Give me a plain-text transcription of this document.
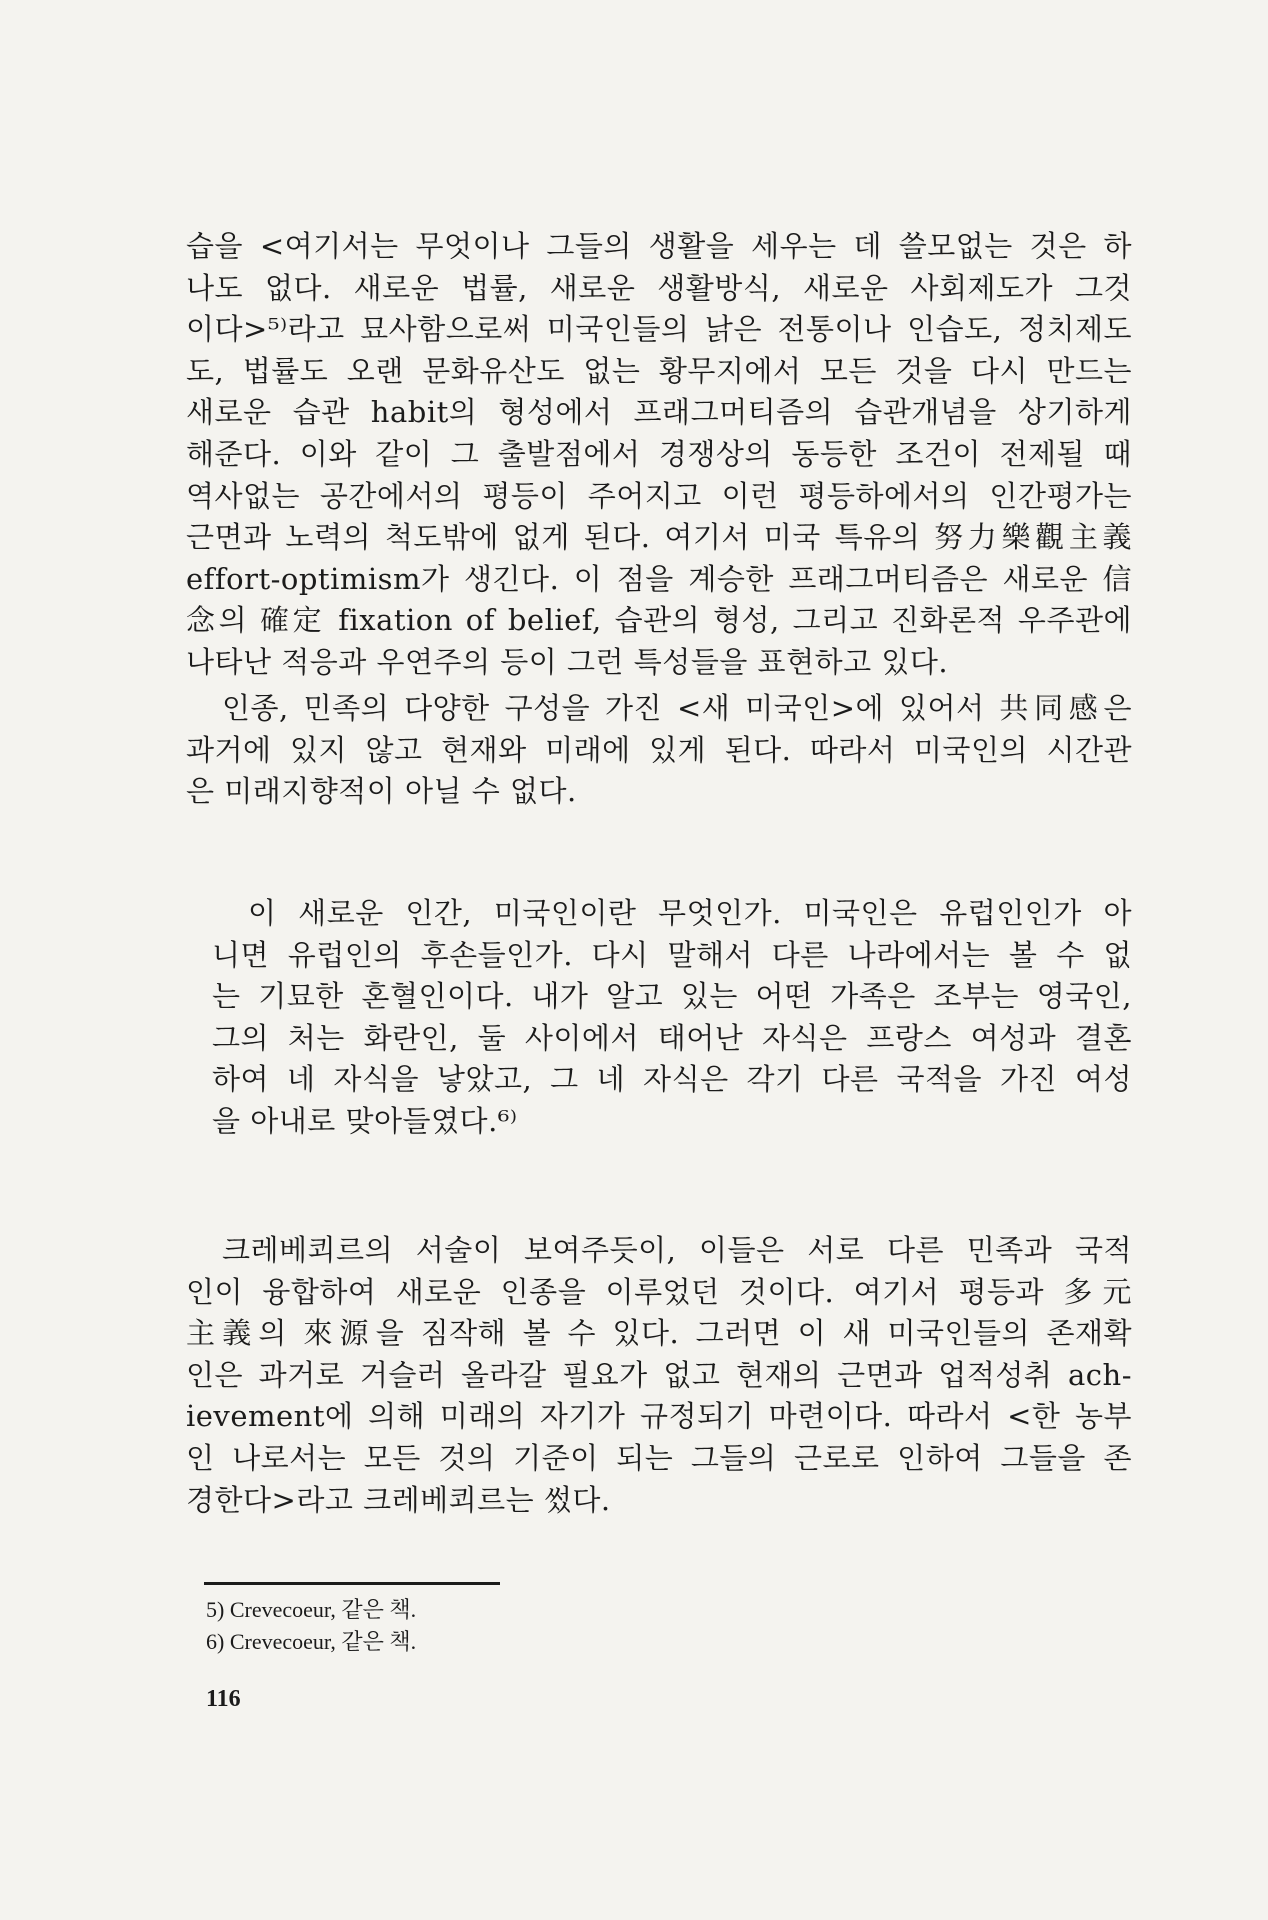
습을 <여기서는 무엇이나 그들의 생활을 세우는 데 쓸모없는 것은 하
나도 없다. 새로운 법률, 새로운 생활방식, 새로운 사회제도가 그것
이다>⁵⁾라고 묘사함으로써 미국인들의 낡은 전통이나 인습도, 정치제도
도, 법률도 오랜 문화유산도 없는 황무지에서 모든 것을 다시 만드는
새로운 습관 habit의 형성에서 프래그머티즘의 습관개념을 상기하게
해준다. 이와 같이 그 출발점에서 경쟁상의 동등한 조건이 전제될 때
역사없는 공간에서의 평등이 주어지고 이런 평등하에서의 인간평가는
근면과 노력의 척도밖에 없게 된다. 여기서 미국 특유의 努力樂觀主義
effort-optimism가 생긴다. 이 점을 계승한 프래그머티즘은 새로운 信
念의 確定 fixation of belief, 습관의 형성, 그리고 진화론적 우주관에
나타난 적응과 우연주의 등이 그런 특성들을 표현하고 있다.
인종, 민족의 다양한 구성을 가진 <새 미국인>에 있어서 共同感은
과거에 있지 않고 현재와 미래에 있게 된다. 따라서 미국인의 시간관
은 미래지향적이 아닐 수 없다.
이 새로운 인간, 미국인이란 무엇인가. 미국인은 유럽인인가 아
니면 유럽인의 후손들인가. 다시 말해서 다른 나라에서는 볼 수 없
는 기묘한 혼혈인이다. 내가 알고 있는 어떤 가족은 조부는 영국인,
그의 처는 화란인, 둘 사이에서 태어난 자식은 프랑스 여성과 결혼
하여 네 자식을 낳았고, 그 네 자식은 각기 다른 국적을 가진 여성
을 아내로 맞아들였다.⁶⁾
크레베쾨르의 서술이 보여주듯이, 이들은 서로 다른 민족과 국적
인이 융합하여 새로운 인종을 이루었던 것이다. 여기서 평등과 多元
主義의 來源을 짐작해 볼 수 있다. 그러면 이 새 미국인들의 존재확
인은 과거로 거슬러 올라갈 필요가 없고 현재의 근면과 업적성취 ach-
ievement에 의해 미래의 자기가 규정되기 마련이다. 따라서 <한 농부
인 나로서는 모든 것의 기준이 되는 그들의 근로로 인하여 그들을 존
경한다>라고 크레베쾨르는 썼다.
5) Crevecoeur, 같은 책.
6) Crevecoeur, 같은 책.
116
